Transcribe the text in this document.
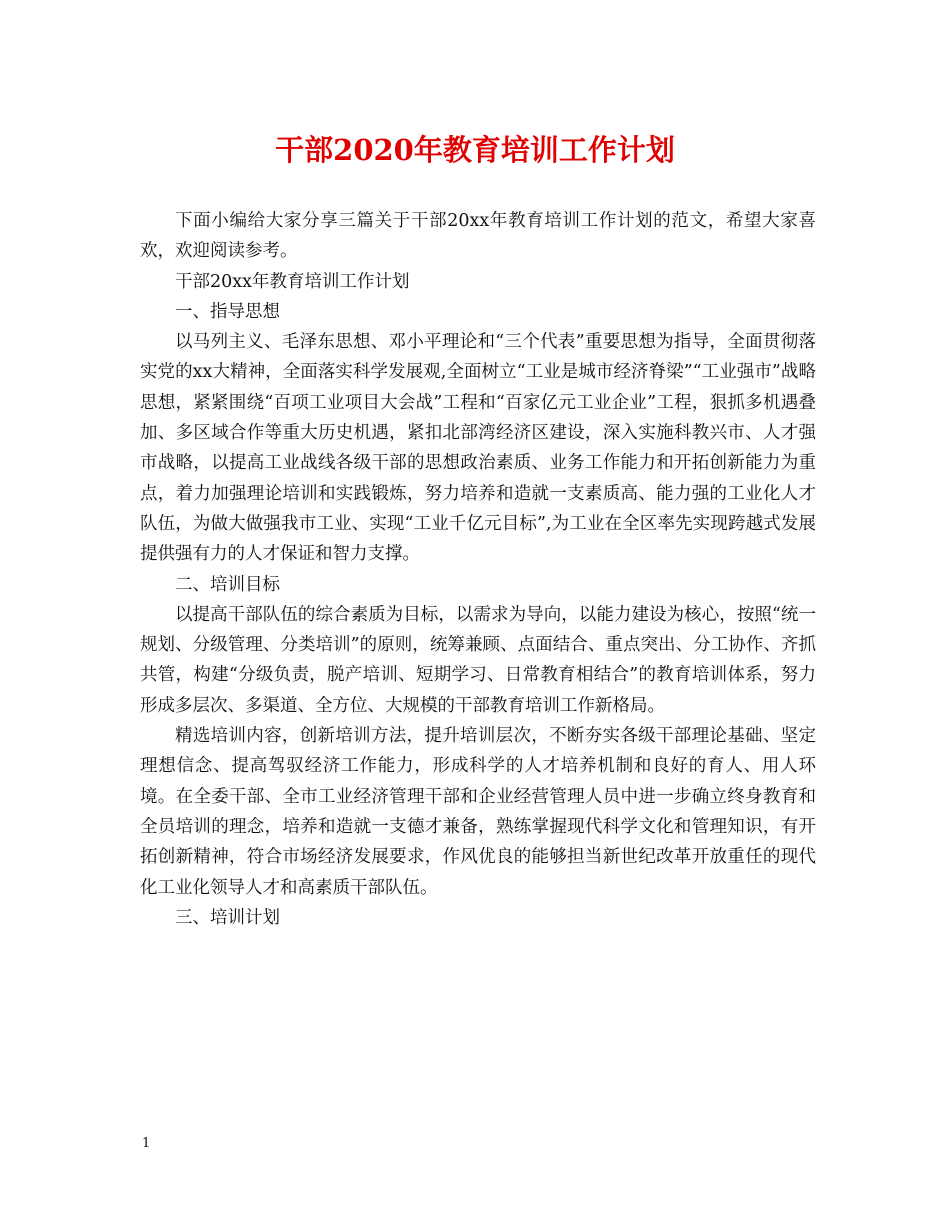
干部2020年教育培训工作计划

下面小编给大家分享三篇关于干部20xx年教育培训工作计划的范文，希望大家喜欢，欢迎阅读参考。

干部20xx年教育培训工作计划

一、指导思想

以马列主义、毛泽东思想、邓小平理论和“三个代表”重要思想为指导，全面贯彻落实党的xx大精神，全面落实科学发展观,全面树立“工业是城市经济脊梁”“工业强市”战略思想，紧紧围绕“百项工业项目大会战”工程和“百家亿元工业企业”工程，狠抓多机遇叠加、多区域合作等重大历史机遇，紧扣北部湾经济区建设，深入实施科教兴市、人才强市战略，以提高工业战线各级干部的思想政治素质、业务工作能力和开拓创新能力为重点，着力加强理论培训和实践锻炼，努力培养和造就一支素质高、能力强的工业化人才队伍，为做大做强我市工业、实现“工业千亿元目标”,为工业在全区率先实现跨越式发展提供强有力的人才保证和智力支撑。

二、培训目标

以提高干部队伍的综合素质为目标，以需求为导向，以能力建设为核心，按照“统一规划、分级管理、分类培训”的原则，统筹兼顾、点面结合、重点突出、分工协作、齐抓共管，构建“分级负责，脱产培训、短期学习、日常教育相结合”的教育培训体系，努力形成多层次、多渠道、全方位、大规模的干部教育培训工作新格局。

精选培训内容，创新培训方法，提升培训层次，不断夯实各级干部理论基础、坚定理想信念、提高驾驭经济工作能力，形成科学的人才培养机制和良好的育人、用人环境。在全委干部、全市工业经济管理干部和企业经营管理人员中进一步确立终身教育和全员培训的理念，培养和造就一支德才兼备，熟练掌握现代科学文化和管理知识，有开拓创新精神，符合市场经济发展要求，作风优良的能够担当新世纪改革开放重任的现代化工业化领导人才和高素质干部队伍。

三、培训计划

1
